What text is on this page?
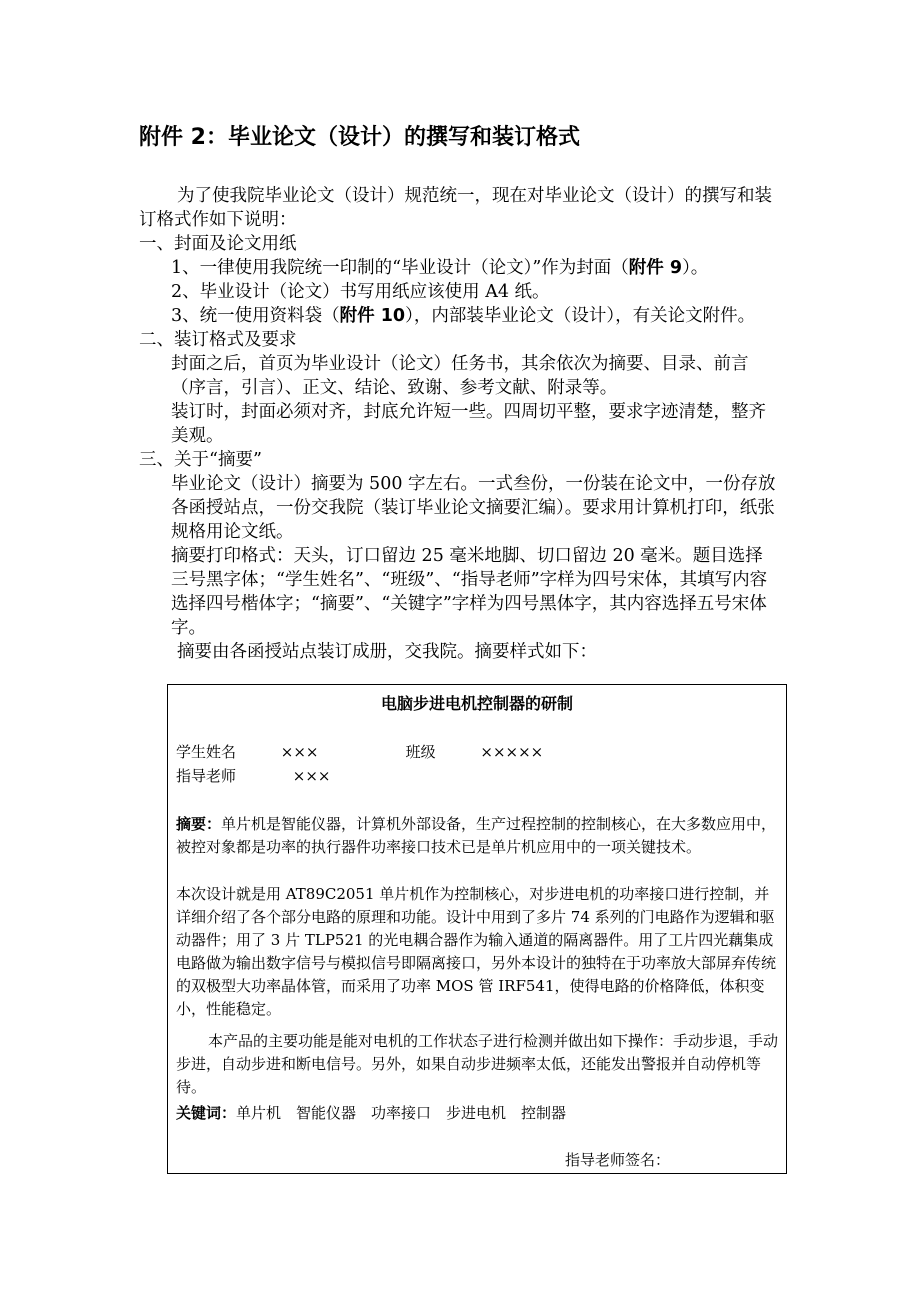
附件 2：毕业论文（设计）的撰写和装订格式

为了使我院毕业论文（设计）规范统一，现在对毕业论文（设计）的撰写和装订格式作如下说明：

一、封面及论文用纸

1、一律使用我院统一印制的“毕业设计（论文）”作为封面（附件 9）。

2、毕业设计（论文）书写用纸应该使用 A4 纸。

3、统一使用资料袋（附件 10），内部装毕业论文（设计），有关论文附件。

二、装订格式及要求

封面之后，首页为毕业设计（论文）任务书，其余依次为摘要、目录、前言（序言，引言）、正文、结论、致谢、参考文献、附录等。

装订时，封面必须对齐，封底允许短一些。四周切平整，要求字迹清楚，整齐美观。

三、关于“摘要”

毕业论文（设计）摘要为 500 字左右。一式叁份，一份装在论文中，一份存放各函授站点，一份交我院（装订毕业论文摘要汇编）。要求用计算机打印，纸张规格用论文纸。

摘要打印格式：天头，订口留边 25 毫米地脚、切口留边 20 毫米。题目选择三号黑字体；“学生姓名”、“班级”、“指导老师”字样为四号宋体，其填写内容选择四号楷体字；“摘要”、“关键字”字样为四号黑体字，其内容选择五号宋体字。

摘要由各函授站点装订成册，交我院。摘要样式如下：

电脑步进电机控制器的研制
学生姓名	×××	班级	×××××
指导老师	×××

摘要：单片机是智能仪器，计算机外部设备，生产过程控制的控制核心，在大多数应用中，被控对象都是功率的执行器件功率接口技术已是单片机应用中的一项关键技术。

本次设计就是用 AT89C2051 单片机作为控制核心，对步进电机的功率接口进行控制，并详细介绍了各个部分电路的原理和功能。设计中用到了多片 74 系列的门电路作为逻辑和驱动器件；用了 3 片 TLP521 的光电耦合器作为输入通道的隔离器件。用了工片四光藕集成电路做为输出数字信号与模拟信号即隔离接口，另外本设计的独特在于功率放大部屏弃传统的双极型大功率晶体管，而采用了功率 MOS 管 IRF541，使得电路的价格降低，体积变小，性能稳定。

本产品的主要功能是能对电机的工作状态子进行检测并做出如下操作：手动步退，手动步进，自动步进和断电信号。另外，如果自动步进频率太低，还能发出警报并自动停机等待。

关键词：单片机　智能仪器　功率接口　步进电机　控制器
指导老师签名：
